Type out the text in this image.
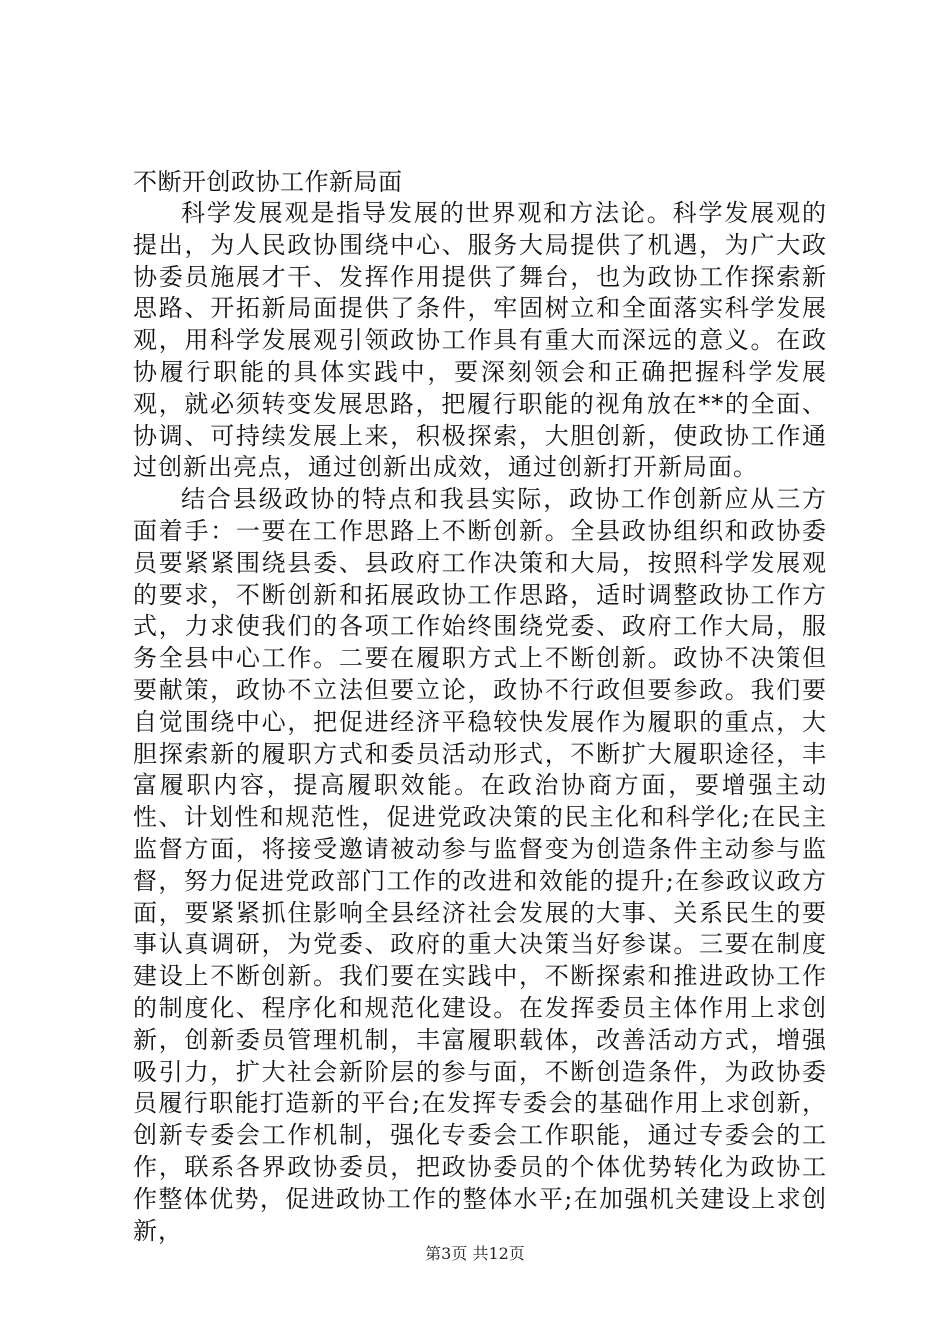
不断开创政协工作新局面

科学发展观是指导发展的世界观和方法论。科学发展观的提出，为人民政协围绕中心、服务大局提供了机遇，为广大政协委员施展才干、发挥作用提供了舞台，也为政协工作探索新思路、开拓新局面提供了条件，牢固树立和全面落实科学发展观，用科学发展观引领政协工作具有重大而深远的意义。在政协履行职能的具体实践中，要深刻领会和正确把握科学发展观，就必须转变发展思路，把履行职能的视角放在**的全面、协调、可持续发展上来，积极探索，大胆创新，使政协工作通过创新出亮点，通过创新出成效，通过创新打开新局面。

结合县级政协的特点和我县实际，政协工作创新应从三方面着手：一要在工作思路上不断创新。全县政协组织和政协委员要紧紧围绕县委、县政府工作决策和大局，按照科学发展观的要求，不断创新和拓展政协工作思路，适时调整政协工作方式，力求使我们的各项工作始终围绕党委、政府工作大局，服务全县中心工作。二要在履职方式上不断创新。政协不决策但要献策，政协不立法但要立论，政协不行政但要参政。我们要自觉围绕中心，把促进经济平稳较快发展作为履职的重点，大胆探索新的履职方式和委员活动形式，不断扩大履职途径，丰富履职内容，提高履职效能。在政治协商方面，要增强主动性、计划性和规范性，促进党政决策的民主化和科学化;在民主监督方面，将接受邀请被动参与监督变为创造条件主动参与监督，努力促进党政部门工作的改进和效能的提升;在参政议政方面，要紧紧抓住影响全县经济社会发展的大事、关系民生的要事认真调研，为党委、政府的重大决策当好参谋。三要在制度建设上不断创新。我们要在实践中，不断探索和推进政协工作的制度化、程序化和规范化建设。在发挥委员主体作用上求创新，创新委员管理机制，丰富履职载体，改善活动方式，增强吸引力，扩大社会新阶层的参与面，不断创造条件，为政协委员履行职能打造新的平台;在发挥专委会的基础作用上求创新，创新专委会工作机制，强化专委会工作职能，通过专委会的工作，联系各界政协委员，把政协委员的个体优势转化为政协工作整体优势，促进政协工作的整体水平;在加强机关建设上求创新，

第3页 共12页
